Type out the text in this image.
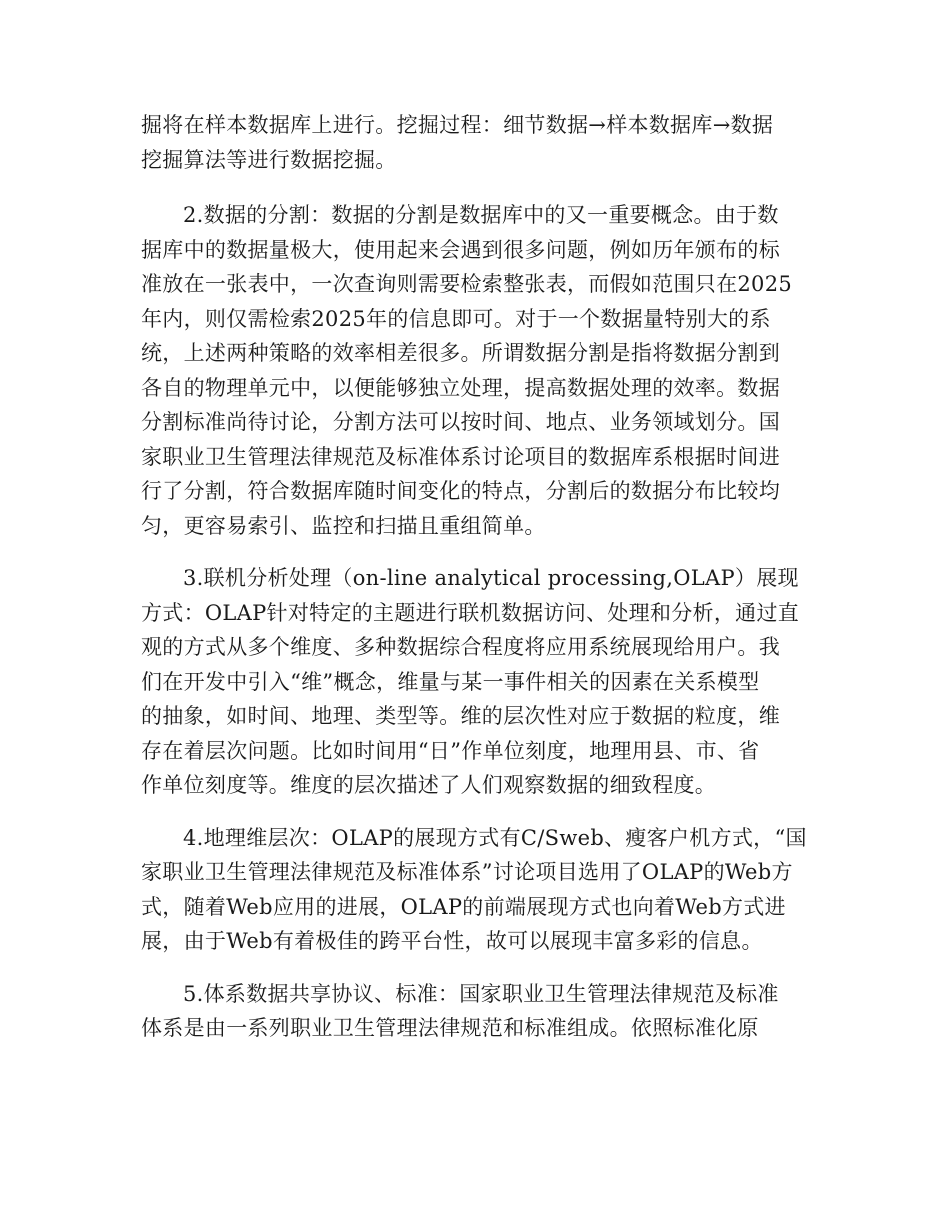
掘将在样本数据库上进行。挖掘过程：细节数据→样本数据库→数据
挖掘算法等进行数据挖掘。
2.数据的分割：数据的分割是数据库中的又一重要概念。由于数
据库中的数据量极大，使用起来会遇到很多问题，例如历年颁布的标
准放在一张表中，一次查询则需要检索整张表，而假如范围只在2025
年内，则仅需检索2025年的信息即可。对于一个数据量特别大的系
统，上述两种策略的效率相差很多。所谓数据分割是指将数据分割到
各自的物理单元中，以便能够独立处理，提高数据处理的效率。数据
分割标准尚待讨论，分割方法可以按时间、地点、业务领域划分。国
家职业卫生管理法律规范及标准体系讨论项目的数据库系根据时间进
行了分割，符合数据库随时间变化的特点，分割后的数据分布比较均
匀，更容易索引、监控和扫描且重组简单。
3.联机分析处理（on-line analytical processing,OLAP）展现
方式：OLAP针对特定的主题进行联机数据访问、处理和分析，通过直
观的方式从多个维度、多种数据综合程度将应用系统展现给用户。我
们在开发中引入“维”概念，维量与某一事件相关的因素在关系模型
的抽象，如时间、地理、类型等。维的层次性对应于数据的粒度，维
存在着层次问题。比如时间用“日”作单位刻度，地理用县、市、省
作单位刻度等。维度的层次描述了人们观察数据的细致程度。
4.地理维层次：OLAP的展现方式有C/Sweb、瘦客户机方式，“国
家职业卫生管理法律规范及标准体系”讨论项目选用了OLAP的Web方
式，随着Web应用的进展，OLAP的前端展现方式也向着Web方式进
展，由于Web有着极佳的跨平台性，故可以展现丰富多彩的信息。
5.体系数据共享协议、标准：国家职业卫生管理法律规范及标准
体系是由一系列职业卫生管理法律规范和标准组成。依照标准化原
